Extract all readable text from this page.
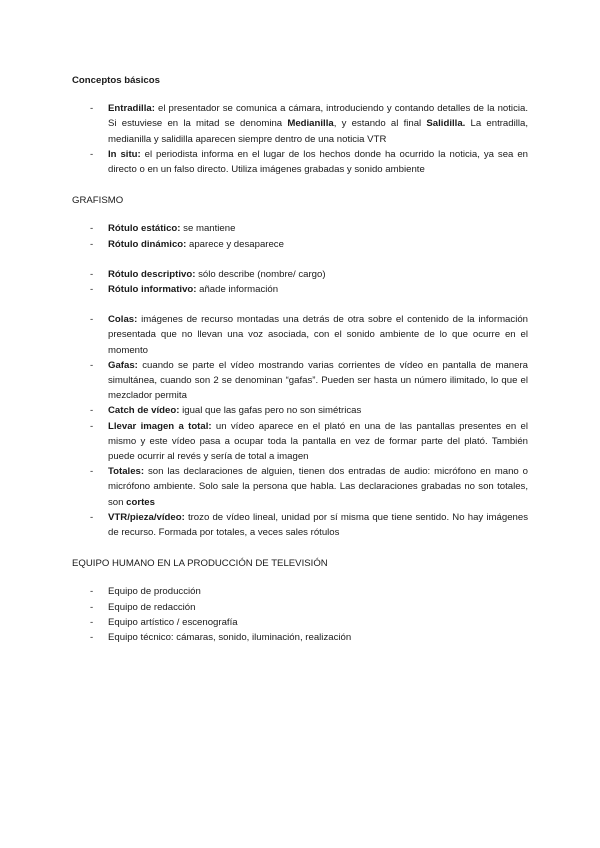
Conceptos básicos
- Entradilla: el presentador se comunica a cámara, introduciendo y contando detalles de la noticia. Si estuviese en la mitad se denomina Medianilla, y estando al final Salidilla. La entradilla, medianilla y salidilla aparecen siempre dentro de una noticia VTR
- In situ: el periodista informa en el lugar de los hechos donde ha ocurrido la noticia, ya sea en directo o en un falso directo. Utiliza imágenes grabadas y sonido ambiente
GRAFISMO
- Rótulo estático: se mantiene
- Rótulo dinámico: aparece y desaparece
- Rótulo descriptivo: sólo describe (nombre/ cargo)
- Rótulo informativo: añade información
- Colas: imágenes de recurso montadas una detrás de otra sobre el contenido de la información presentada que no llevan una voz asociada, con el sonido ambiente de lo que ocurre en el momento
- Gafas: cuando se parte el vídeo mostrando varias corrientes de vídeo en pantalla de manera simultánea, cuando son 2 se denominan “gafas”. Pueden ser hasta un número ilimitado, lo que el mezclador permita
- Catch de vídeo: igual que las gafas pero no son simétricas
- Llevar imagen a total: un vídeo aparece en el plató en una de las pantallas presentes en el mismo y este vídeo pasa a ocupar toda la pantalla en vez de formar parte del plató. También puede ocurrir al revés y sería de total a imagen
- Totales: son las declaraciones de alguien, tienen dos entradas de audio: micrófono en mano o micrófono ambiente. Solo sale la persona que habla. Las declaraciones grabadas no son totales, son cortes
- VTR/pieza/vídeo: trozo de vídeo lineal, unidad por sí misma que tiene sentido. No hay imágenes de recurso. Formada por totales, a veces sales rótulos
EQUIPO HUMANO EN LA PRODUCCIÓN DE TELEVISIÓN
- Equipo de producción
- Equipo de redacción
- Equipo artístico / escenografía
- Equipo técnico: cámaras, sonido, iluminación, realización
